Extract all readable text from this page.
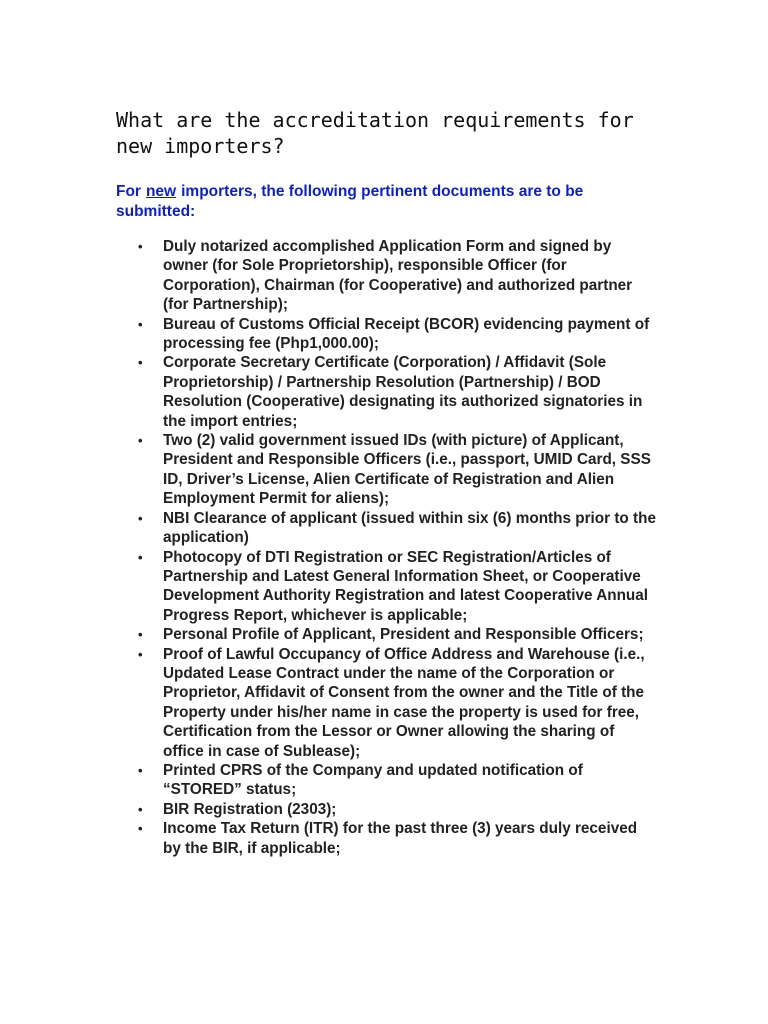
What are the accreditation requirements for new importers?

For new importers, the following pertinent documents are to be submitted:

• Duly notarized accomplished Application Form and signed by owner (for Sole Proprietorship), responsible Officer (for Corporation), Chairman (for Cooperative) and authorized partner (for Partnership);
• Bureau of Customs Official Receipt (BCOR) evidencing payment of processing fee (Php1,000.00);
• Corporate Secretary Certificate (Corporation) / Affidavit (Sole Proprietorship) / Partnership Resolution (Partnership) / BOD Resolution (Cooperative) designating its authorized signatories in the import entries;
• Two (2) valid government issued IDs (with picture) of Applicant, President and Responsible Officers (i.e., passport, UMID Card, SSS ID, Driver’s License, Alien Certificate of Registration and Alien Employment Permit for aliens);
• NBI Clearance of applicant (issued within six (6) months prior to the application)
• Photocopy of DTI Registration or SEC Registration/Articles of Partnership and Latest General Information Sheet, or Cooperative Development Authority Registration and latest Cooperative Annual Progress Report, whichever is applicable;
• Personal Profile of Applicant, President and Responsible Officers;
• Proof of Lawful Occupancy of Office Address and Warehouse (i.e., Updated Lease Contract under the name of the Corporation or Proprietor, Affidavit of Consent from the owner and the Title of the Property under his/her name in case the property is used for free, Certification from the Lessor or Owner allowing the sharing of office in case of Sublease);
• Printed CPRS of the Company and updated notification of “STORED” status;
• BIR Registration (2303);
• Income Tax Return (ITR) for the past three (3) years duly received by the BIR, if applicable;
